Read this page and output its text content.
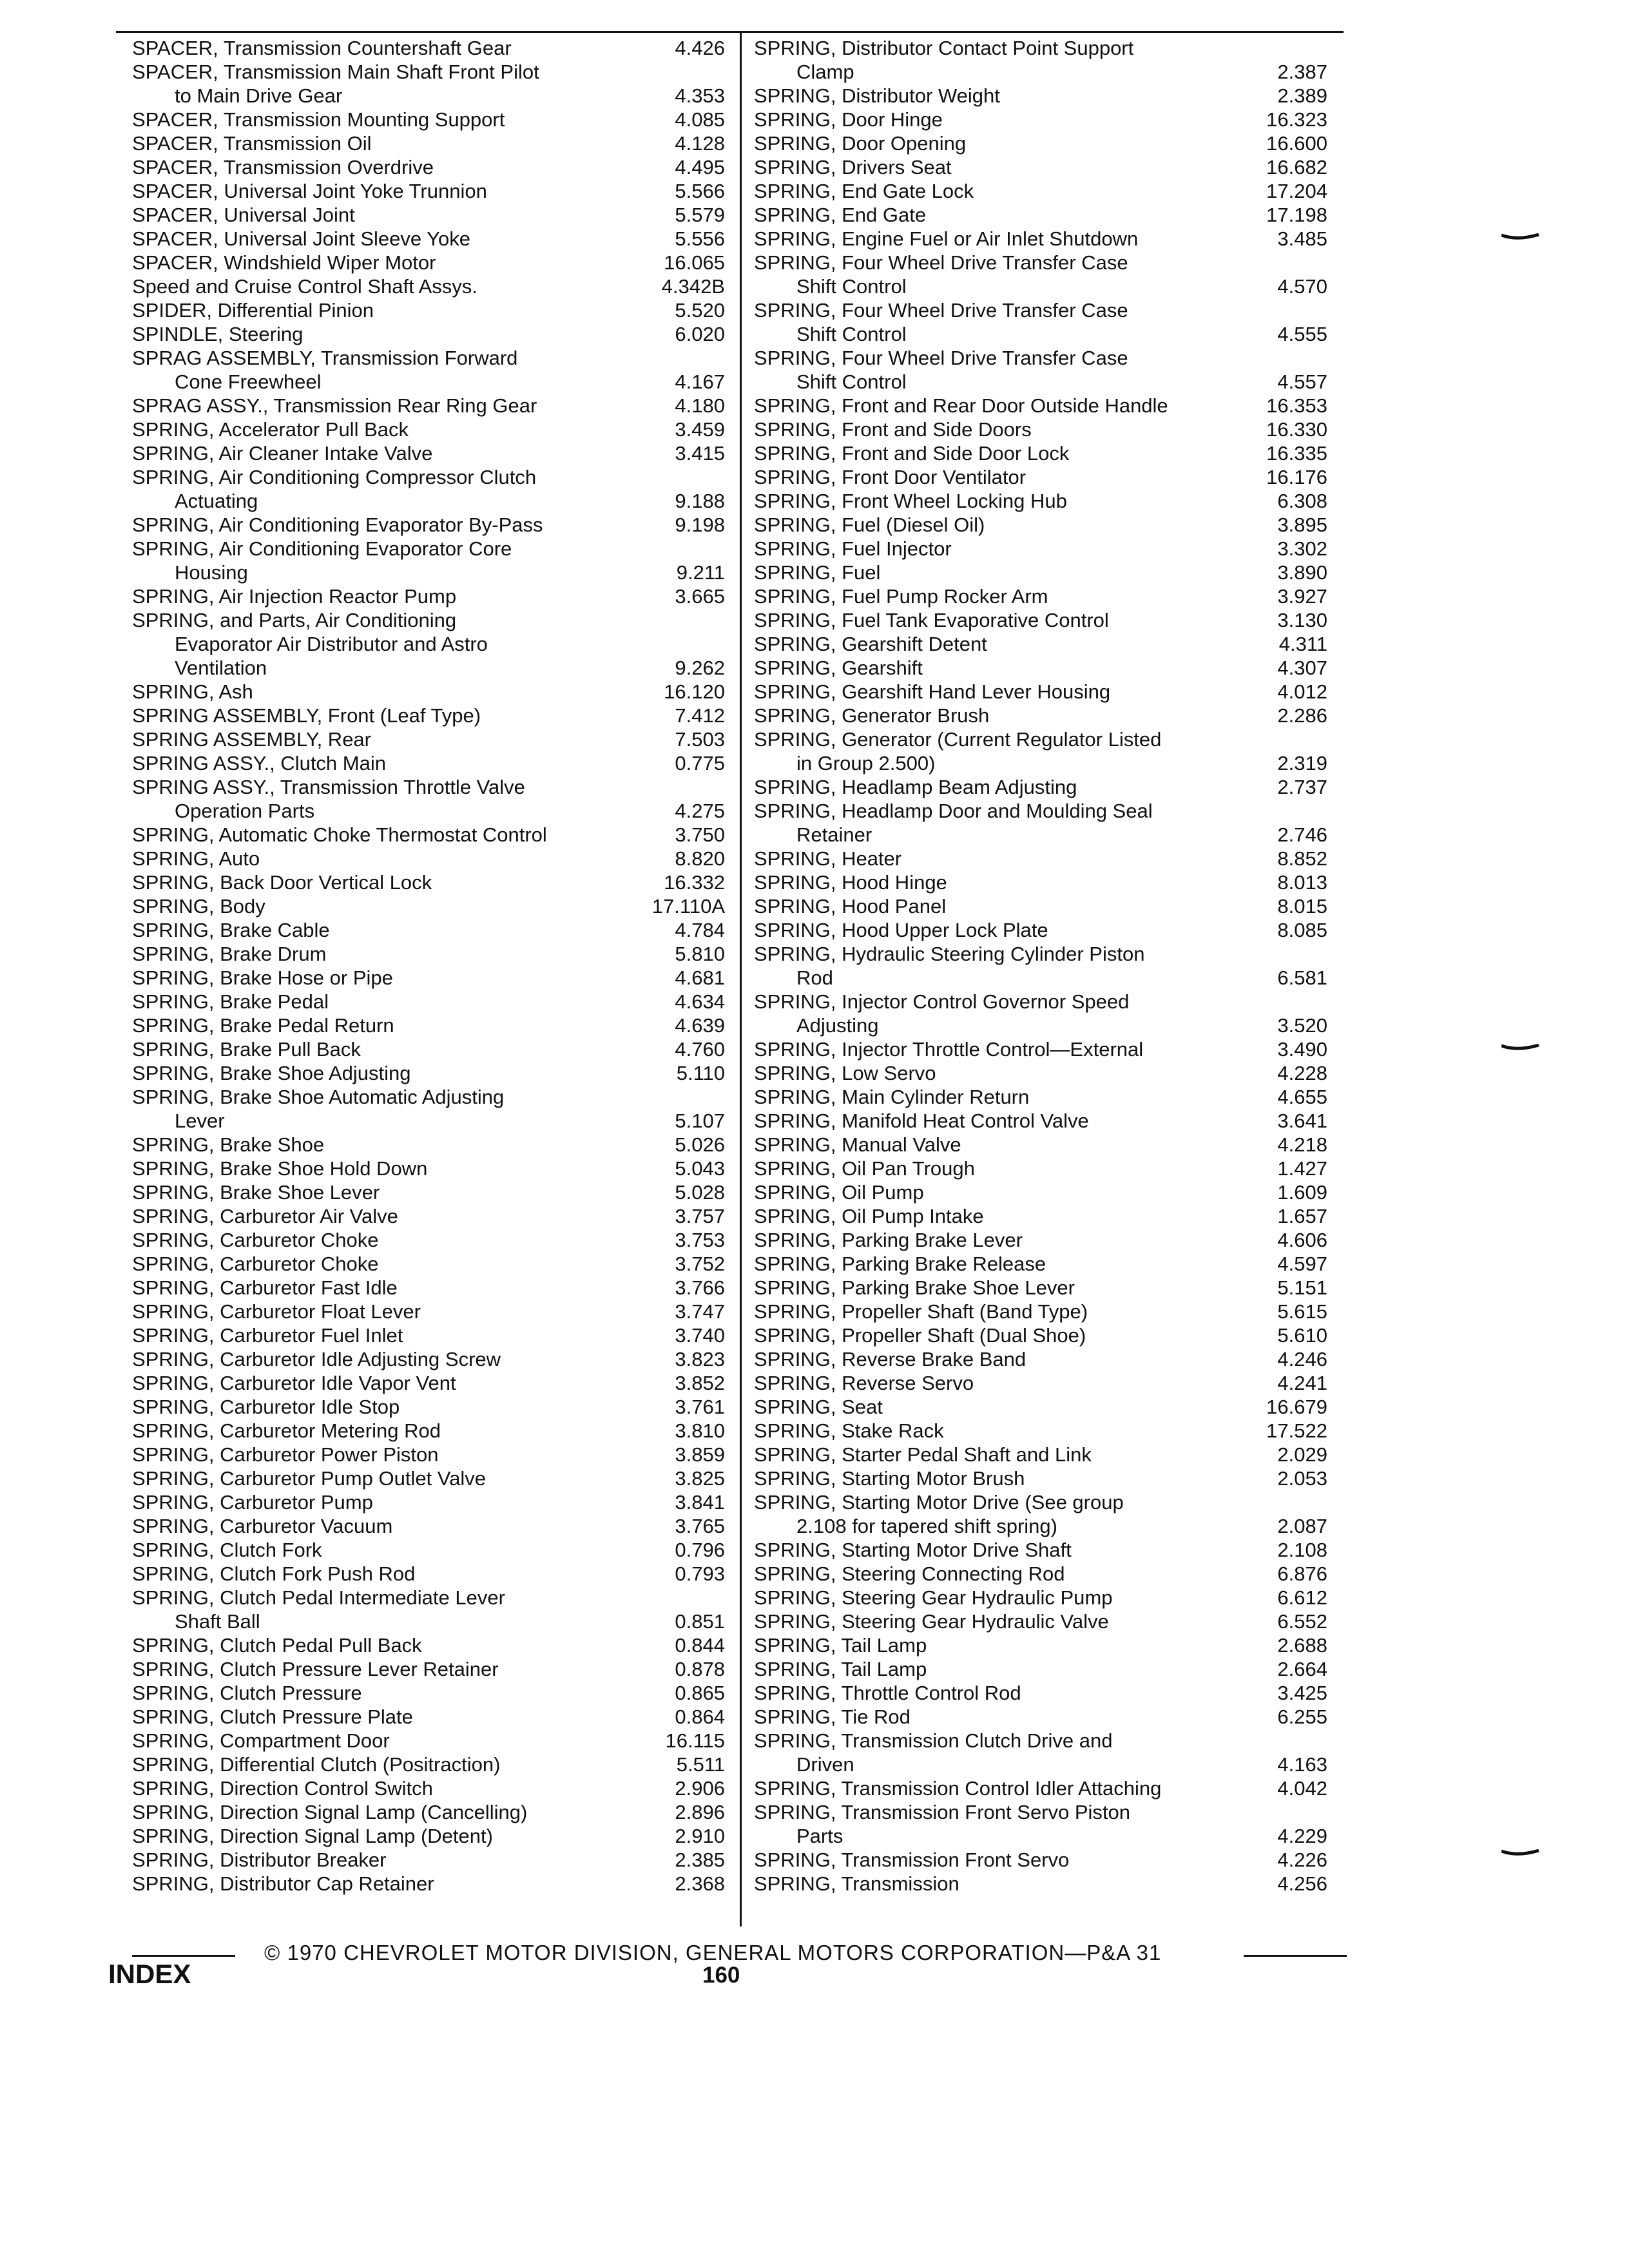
SPACER, Transmission Countershaft Gear	4.426
SPACER, Transmission Main Shaft Front Pilot
to Main Drive Gear	4.353
SPACER, Transmission Mounting Support	4.085
SPACER, Transmission Oil	4.128
SPACER, Transmission Overdrive	4.495
SPACER, Universal Joint Yoke Trunnion	5.566
SPACER, Universal Joint	5.579
SPACER, Universal Joint Sleeve Yoke	5.556
SPACER, Windshield Wiper Motor	16.065
Speed and Cruise Control Shaft Assys.	4.342B
SPIDER, Differential Pinion	5.520
SPINDLE, Steering	6.020
SPRAG ASSEMBLY, Transmission Forward
Cone Freewheel	4.167
SPRAG ASSY., Transmission Rear Ring Gear	4.180
SPRING, Accelerator Pull Back	3.459
SPRING, Air Cleaner Intake Valve	3.415
SPRING, Air Conditioning Compressor Clutch
Actuating	9.188
SPRING, Air Conditioning Evaporator By-Pass	9.198
SPRING, Air Conditioning Evaporator Core
Housing	9.211
SPRING, Air Injection Reactor Pump	3.665
SPRING, and Parts, Air Conditioning
Evaporator Air Distributor and Astro
Ventilation	9.262
SPRING, Ash	16.120
SPRING ASSEMBLY, Front (Leaf Type)	7.412
SPRING ASSEMBLY, Rear	7.503
SPRING ASSY., Clutch Main	0.775
SPRING ASSY., Transmission Throttle Valve
Operation Parts	4.275
SPRING, Automatic Choke Thermostat Control	3.750
SPRING, Auto	8.820
SPRING, Back Door Vertical Lock	16.332
SPRING, Body	17.110A
SPRING, Brake Cable	4.784
SPRING, Brake Drum	5.810
SPRING, Brake Hose or Pipe	4.681
SPRING, Brake Pedal	4.634
SPRING, Brake Pedal Return	4.639
SPRING, Brake Pull Back	4.760
SPRING, Brake Shoe Adjusting	5.110
SPRING, Brake Shoe Automatic Adjusting
Lever	5.107
SPRING, Brake Shoe	5.026
SPRING, Brake Shoe Hold Down	5.043
SPRING, Brake Shoe Lever	5.028
SPRING, Carburetor Air Valve	3.757
SPRING, Carburetor Choke	3.753
SPRING, Carburetor Choke	3.752
SPRING, Carburetor Fast Idle	3.766
SPRING, Carburetor Float Lever	3.747
SPRING, Carburetor Fuel Inlet	3.740
SPRING, Carburetor Idle Adjusting Screw	3.823
SPRING, Carburetor Idle Vapor Vent	3.852
SPRING, Carburetor Idle Stop	3.761
SPRING, Carburetor Metering Rod	3.810
SPRING, Carburetor Power Piston	3.859
SPRING, Carburetor Pump Outlet Valve	3.825
SPRING, Carburetor Pump	3.841
SPRING, Carburetor Vacuum	3.765
SPRING, Clutch Fork	0.796
SPRING, Clutch Fork Push Rod	0.793
SPRING, Clutch Pedal Intermediate Lever
Shaft Ball	0.851
SPRING, Clutch Pedal Pull Back	0.844
SPRING, Clutch Pressure Lever Retainer	0.878
SPRING, Clutch Pressure	0.865
SPRING, Clutch Pressure Plate	0.864
SPRING, Compartment Door	16.115
SPRING, Differential Clutch (Positraction)	5.511
SPRING, Direction Control Switch	2.906
SPRING, Direction Signal Lamp (Cancelling)	2.896
SPRING, Direction Signal Lamp (Detent)	2.910
SPRING, Distributor Breaker	2.385
SPRING, Distributor Cap Retainer	2.368
SPRING, Distributor Contact Point Support
Clamp	2.387
SPRING, Distributor Weight	2.389
SPRING, Door Hinge	16.323
SPRING, Door Opening	16.600
SPRING, Drivers Seat	16.682
SPRING, End Gate Lock	17.204
SPRING, End Gate	17.198
SPRING, Engine Fuel or Air Inlet Shutdown	3.485
SPRING, Four Wheel Drive Transfer Case
Shift Control	4.570
SPRING, Four Wheel Drive Transfer Case
Shift Control	4.555
SPRING, Four Wheel Drive Transfer Case
Shift Control	4.557
SPRING, Front and Rear Door Outside Handle	16.353
SPRING, Front and Side Doors	16.330
SPRING, Front and Side Door Lock	16.335
SPRING, Front Door Ventilator	16.176
SPRING, Front Wheel Locking Hub	6.308
SPRING, Fuel (Diesel Oil)	3.895
SPRING, Fuel Injector	3.302
SPRING, Fuel	3.890
SPRING, Fuel Pump Rocker Arm	3.927
SPRING, Fuel Tank Evaporative Control	3.130
SPRING, Gearshift Detent	4.311
SPRING, Gearshift	4.307
SPRING, Gearshift Hand Lever Housing	4.012
SPRING, Generator Brush	2.286
SPRING, Generator (Current Regulator Listed
in Group 2.500)	2.319
SPRING, Headlamp Beam Adjusting	2.737
SPRING, Headlamp Door and Moulding Seal
Retainer	2.746
SPRING, Heater	8.852
SPRING, Hood Hinge	8.013
SPRING, Hood Panel	8.015
SPRING, Hood Upper Lock Plate	8.085
SPRING, Hydraulic Steering Cylinder Piston
Rod	6.581
SPRING, Injector Control Governor Speed
Adjusting	3.520
SPRING, Injector Throttle Control—External	3.490
SPRING, Low Servo	4.228
SPRING, Main Cylinder Return	4.655
SPRING, Manifold Heat Control Valve	3.641
SPRING, Manual Valve	4.218
SPRING, Oil Pan Trough	1.427
SPRING, Oil Pump	1.609
SPRING, Oil Pump Intake	1.657
SPRING, Parking Brake Lever	4.606
SPRING, Parking Brake Release	4.597
SPRING, Parking Brake Shoe Lever	5.151
SPRING, Propeller Shaft (Band Type)	5.615
SPRING, Propeller Shaft (Dual Shoe)	5.610
SPRING, Reverse Brake Band	4.246
SPRING, Reverse Servo	4.241
SPRING, Seat	16.679
SPRING, Stake Rack	17.522
SPRING, Starter Pedal Shaft and Link	2.029
SPRING, Starting Motor Brush	2.053
SPRING, Starting Motor Drive (See group
2.108 for tapered shift spring)	2.087
SPRING, Starting Motor Drive Shaft	2.108
SPRING, Steering Connecting Rod	6.876
SPRING, Steering Gear Hydraulic Pump	6.612
SPRING, Steering Gear Hydraulic Valve	6.552
SPRING, Tail Lamp	2.688
SPRING, Tail Lamp	2.664
SPRING, Throttle Control Rod	3.425
SPRING, Tie Rod	6.255
SPRING, Transmission Clutch Drive and
Driven	4.163
SPRING, Transmission Control Idler Attaching	4.042
SPRING, Transmission Front Servo Piston
Parts	4.229
SPRING, Transmission Front Servo	4.226
SPRING, Transmission	4.256
© 1970 CHEVROLET MOTOR DIVISION, GENERAL MOTORS CORPORATION—P&A 31
INDEX	160
